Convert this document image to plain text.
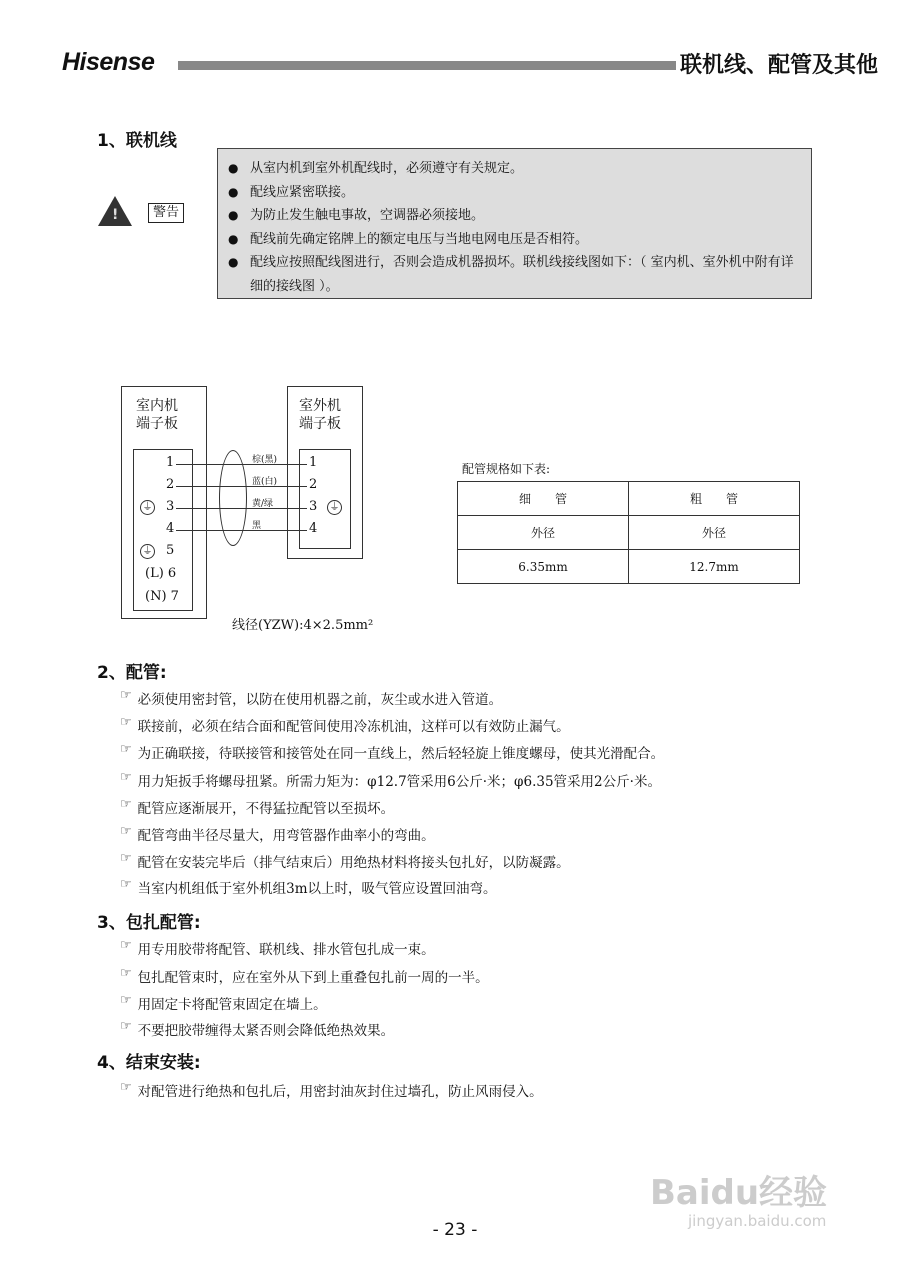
Hisense	联机线、配管及其他
1、联机线
!	警告
● 从室内机到室外机配线时，必须遵守有关规定。
● 配线应紧密联接。
● 为防止发生触电事故，空调器必须接地。
● 配线前先确定铭牌上的额定电压与当地电网电压是否相符。
● 配线应按照配线图进行，否则会造成机器损坏。联机线接线图如下：（ 室内机、室外机中附有详细的接线图 ）。
室内机
端子板
室外机
端子板
1
2
3
4
5
(L) 6
(N) 7
⏚
⏚
1
2
3
4
⏚
棕(黑)
蓝(白)
黄/绿
黑
线径(YZW):4×2.5mm²
配管规格如下表:
细　　管	粗　　管
外径	外径
6.35mm	12.7mm
2、配管:
☞ 必须使用密封管，以防在使用机器之前，灰尘或水进入管道。
☞ 联接前，必须在结合面和配管间使用冷冻机油，这样可以有效防止漏气。
☞ 为正确联接，待联接管和接管处在同一直线上，然后轻轻旋上锥度螺母，使其光滑配合。
☞ 用力矩扳手将螺母扭紧。所需力矩为：φ12.7管采用6公斤·米；φ6.35管采用2公斤·米。
☞ 配管应逐渐展开，不得猛拉配管以至损坏。
☞ 配管弯曲半径尽量大，用弯管器作曲率小的弯曲。
☞ 配管在安装完毕后（排气结束后）用绝热材料将接头包扎好，以防凝露。
☞ 当室内机组低于室外机组3m以上时，吸气管应设置回油弯。
3、包扎配管:
☞ 用专用胶带将配管、联机线、排水管包扎成一束。
☞ 包扎配管束时，应在室外从下到上重叠包扎前一周的一半。
☞ 用固定卡将配管束固定在墙上。
☞ 不要把胶带缠得太紧否则会降低绝热效果。
4、结束安装:
☞ 对配管进行绝热和包扎后，用密封油灰封住过墙孔，防止风雨侵入。
Baidu经验
jingyan.baidu.com
- 23 -
